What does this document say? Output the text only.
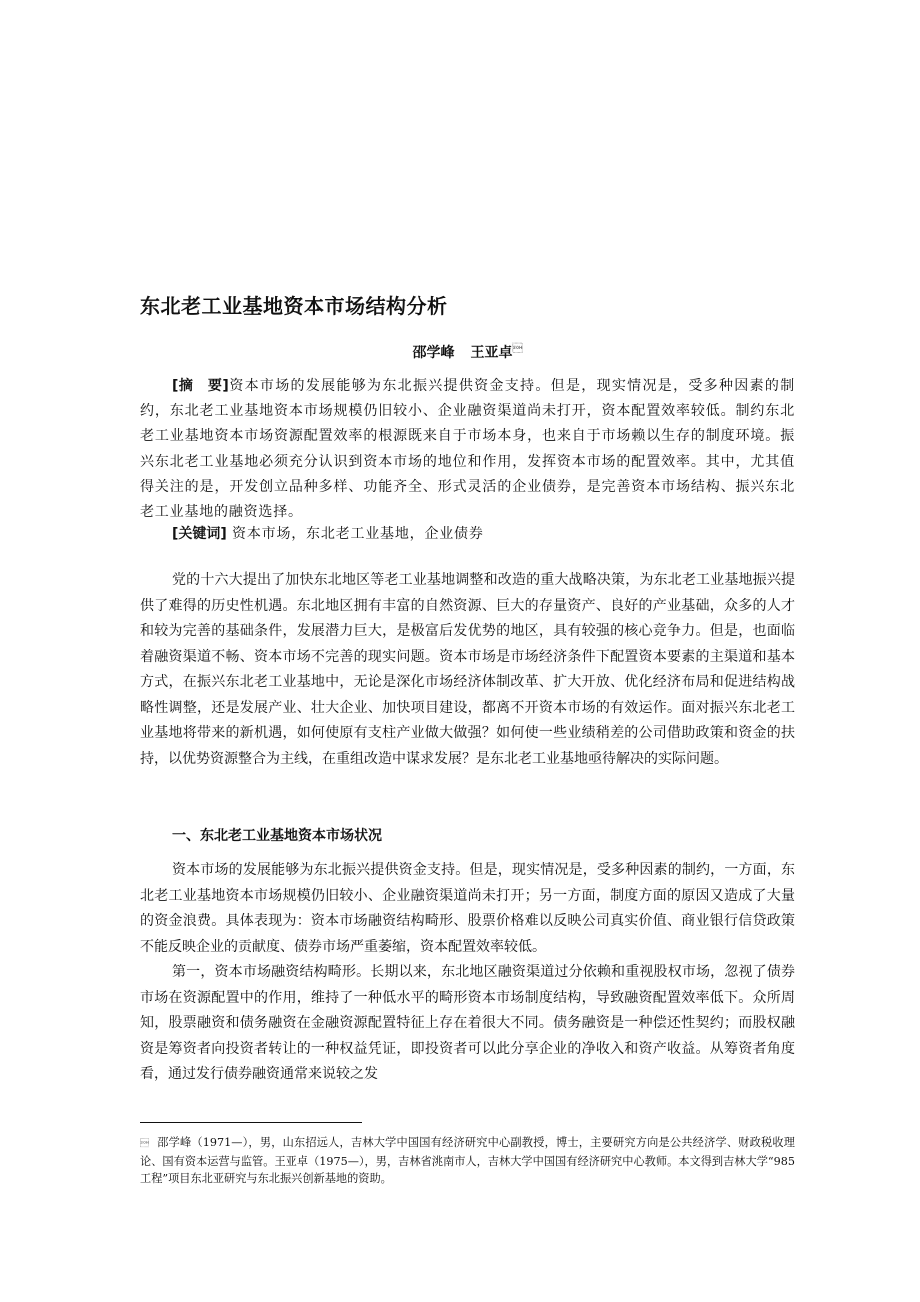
东北老工业基地资本市场结构分析
邵学峰 王亚卓

[摘　要]资本市场的发展能够为东北振兴提供资金支持。但是，现实情况是，受多种因素的制约，东北老工业基地资本市场规模仍旧较小、企业融资渠道尚未打开，资本配置效率较低。制约东北老工业基地资本市场资源配置效率的根源既来自于市场本身，也来自于市场赖以生存的制度环境。振兴东北老工业基地必须充分认识到资本市场的地位和作用，发挥资本市场的配置效率。其中，尤其值得关注的是，开发创立品种多样、功能齐全、形式灵活的企业债券，是完善资本市场结构、振兴东北老工业基地的融资选择。

[关键词] 资本市场，东北老工业基地，企业债券

党的十六大提出了加快东北地区等老工业基地调整和改造的重大战略决策，为东北老工业基地振兴提供了难得的历史性机遇。东北地区拥有丰富的自然资源、巨大的存量资产、良好的产业基础，众多的人才和较为完善的基础条件，发展潜力巨大，是极富后发优势的地区，具有较强的核心竞争力。但是，也面临着融资渠道不畅、资本市场不完善的现实问题。资本市场是市场经济条件下配置资本要素的主渠道和基本方式，在振兴东北老工业基地中，无论是深化市场经济体制改革、扩大开放、优化经济布局和促进结构战略性调整，还是发展产业、壮大企业、加快项目建设，都离不开资本市场的有效运作。面对振兴东北老工业基地将带来的新机遇，如何使原有支柱产业做大做强？如何使一些业绩稍差的公司借助政策和资金的扶持，以优势资源整合为主线，在重组改造中谋求发展？是东北老工业基地亟待解决的实际问题。

一、东北老工业基地资本市场状况

资本市场的发展能够为东北振兴提供资金支持。但是，现实情况是，受多种因素的制约，一方面，东北老工业基地资本市场规模仍旧较小、企业融资渠道尚未打开；另一方面，制度方面的原因又造成了大量的资金浪费。具体表现为：资本市场融资结构畸形、股票价格难以反映公司真实价值、商业银行信贷政策不能反映企业的贡献度、债券市场严重萎缩，资本配置效率较低。

第一，资本市场融资结构畸形。长期以来，东北地区融资渠道过分依赖和重视股权市场，忽视了债券市场在资源配置中的作用，维持了一种低水平的畸形资本市场制度结构，导致融资配置效率低下。众所周知，股票融资和债务融资在金融资源配置特征上存在着很大不同。债务融资是一种偿还性契约；而股权融资是筹资者向投资者转让的一种权益凭证，即投资者可以此分享企业的净收入和资产收益。从筹资者角度看，通过发行债券融资通常来说较之发

 邵学峰（1971—），男，山东招远人，吉林大学中国国有经济研究中心副教授，博士，主要研究方向是公共经济学、财政税收理论、国有资本运营与监管。王亚卓（1975—），男，吉林省洮南市人，吉林大学中国国有经济研究中心教师。本文得到吉林大学“985 工程”项目东北亚研究与东北振兴创新基地的资助。
